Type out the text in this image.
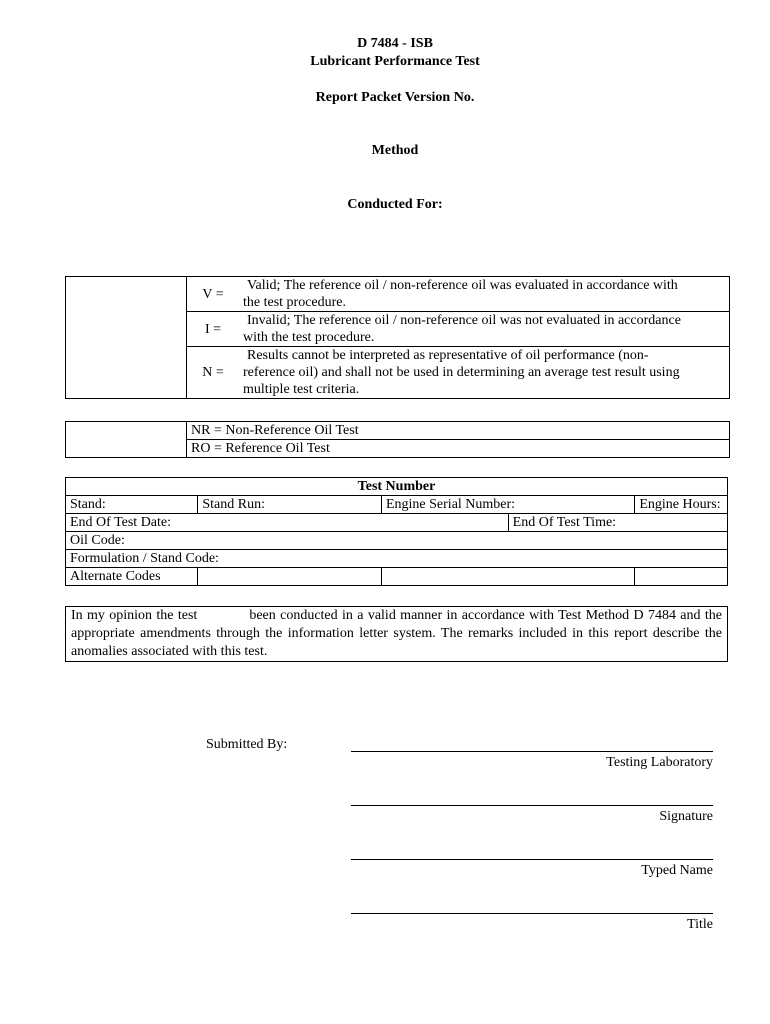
D 7484 - ISB
Lubricant Performance Test
Report Packet Version No.
Method
Conducted For:
	V =	Valid; The reference oil / non-reference oil was evaluated in accordance with
the test procedure.

	I =	Invalid; The reference oil / non-reference oil was not evaluated in accordance
with the test procedure.

	N =	Results cannot be interpreted as representative of oil performance (non-
reference oil) and shall not be used in determining an average test result using multiple test criteria.
	NR = Non-Reference Oil Test
RO = Reference Oil Test
Test Number				
Stand:	Stand Run:	Engine Serial Number:		Engine Hours:
End Of Test Date:			End Of Test Time:	
Oil Code:				
Formulation / Stand Code:				
Alternate Codes				
In my opinion the test	been conducted in a valid manner in accordance with Test Method D 7484 and the appropriate amendments through the information letter system. The remarks included in this report describe the anomalies associated with this test.
Submitted By:
Testing Laboratory
Signature
Typed Name
Title
